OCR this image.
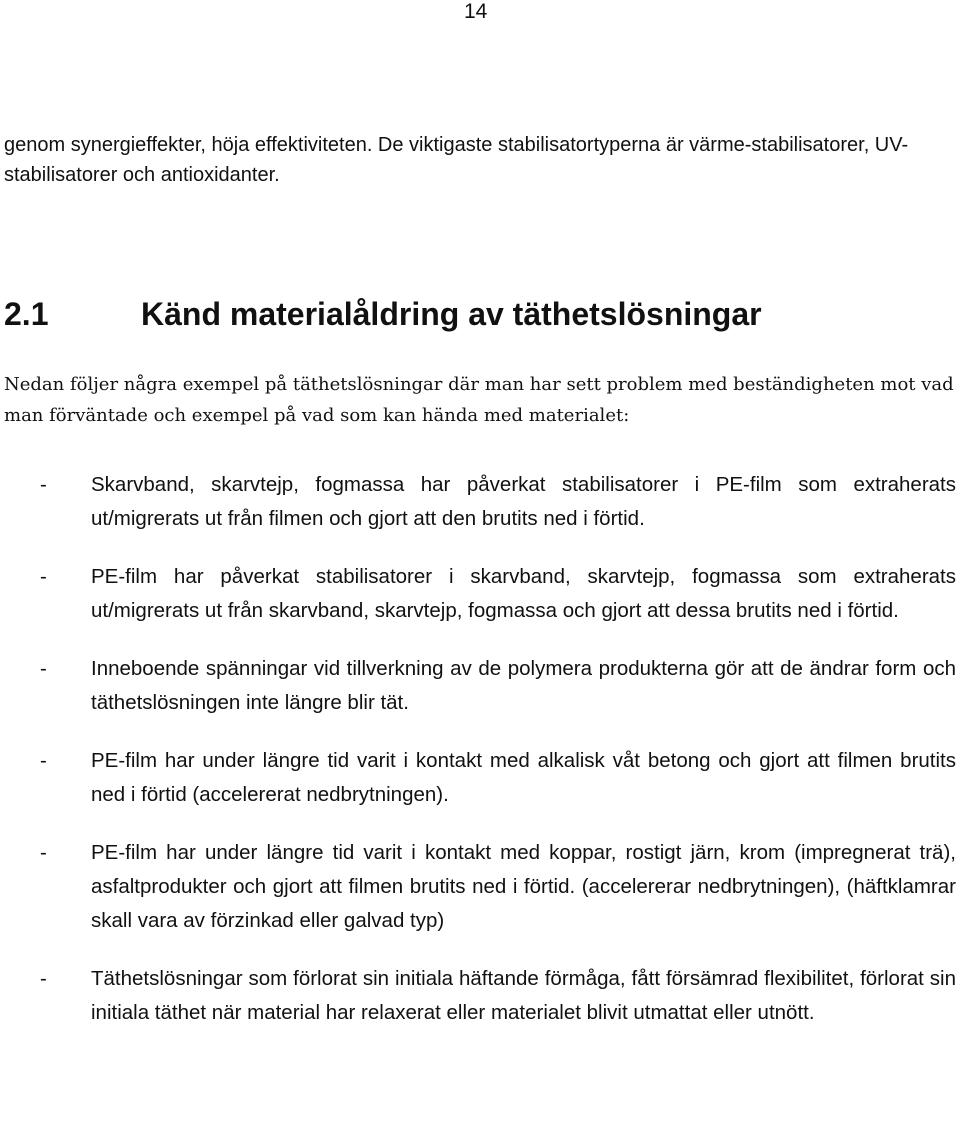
14

genom synergieffekter, höja effektiviteten. De viktigaste stabilisatortyperna är värme-stabilisatorer, UV- stabilisatorer och antioxidanter.

2.1	Känd materialåldring av täthetslösningar

Nedan följer några exempel på täthetslösningar där man har sett problem med beständigheten mot vad man förväntade och exempel på vad som kan hända med materialet:

- Skarvband, skarvtejp, fogmassa har påverkat stabilisatorer i PE-film som extraherats ut/migrerats ut från filmen och gjort att den brutits ned i förtid.
- PE-film har påverkat stabilisatorer i skarvband, skarvtejp, fogmassa som extraherats ut/migrerats ut från skarvband, skarvtejp, fogmassa och gjort att dessa brutits ned i förtid.
- Inneboende spänningar vid tillverkning av de polymera produkterna gör att de ändrar form och täthetslösningen inte längre blir tät.
- PE-film har under längre tid varit i kontakt med alkalisk våt betong och gjort att filmen brutits ned i förtid (accelererat nedbrytningen).
- PE-film har under längre tid varit i kontakt med koppar, rostigt järn, krom (impregnerat trä), asfaltprodukter och gjort att filmen brutits ned i förtid. (accelererar nedbrytningen), (häftklamrar skall vara av förzinkad eller galvad typ)
- Täthetslösningar som förlorat sin initiala häftande förmåga, fått försämrad flexibilitet, förlorat sin initiala täthet när material har relaxerat eller materialet blivit utmattat eller utnött.
